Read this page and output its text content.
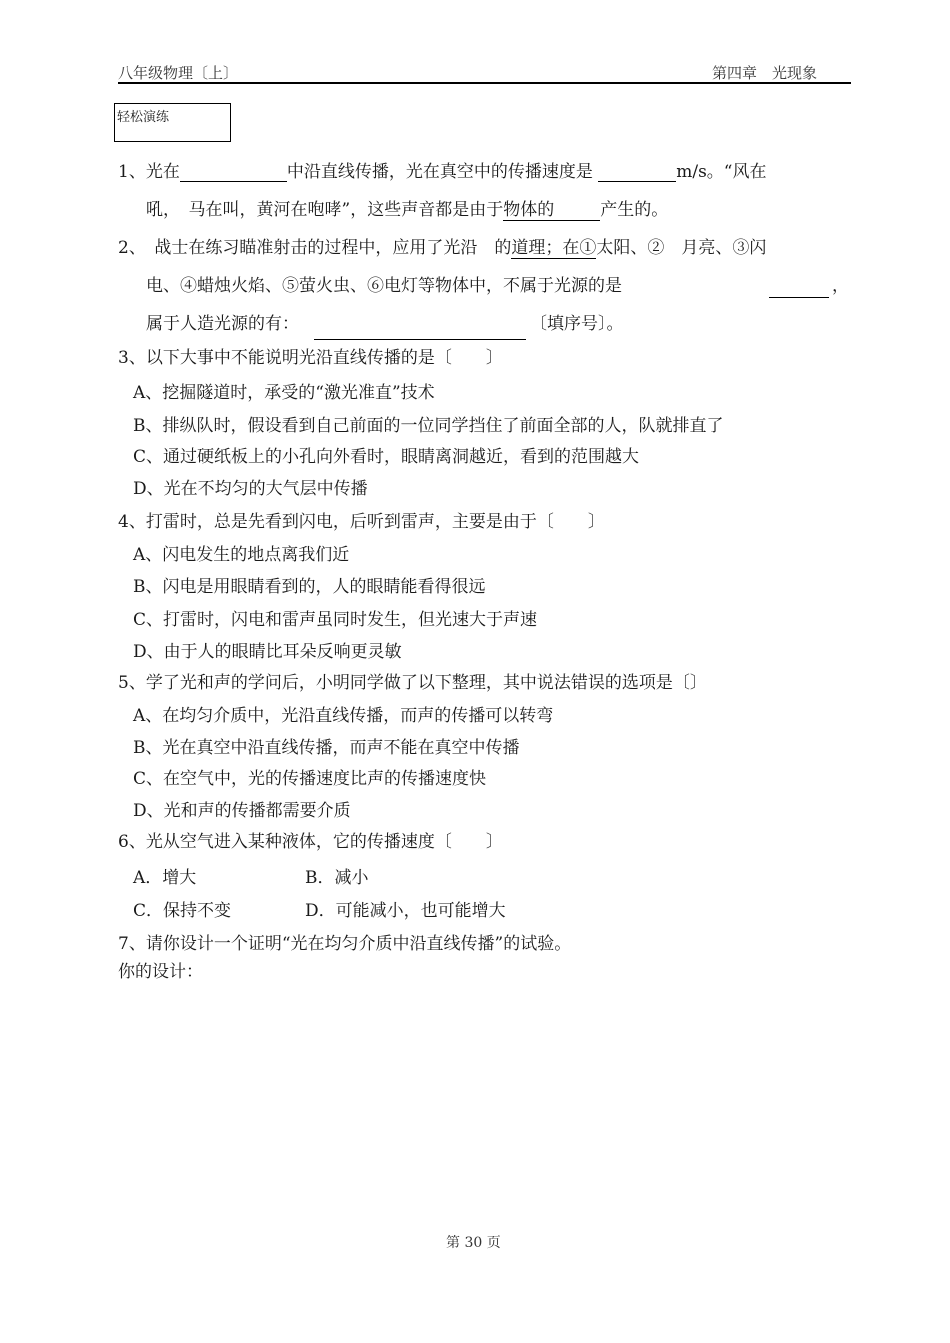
八年级物理〔上〕	第四章　光现象
轻松演练
1、光在	中沿直线传播，光在真空中的传播速度是	m/s。“风在
吼，　马在叫，黄河在咆哮”，这些声音都是由于物体的	产生的。
2、　战士在练习瞄准射击的过程中，应用了光沿　的道理；在①太阳、②　月亮、③闪
电、④蜡烛火焰、⑤萤火虫、⑥电灯等物体中，不属于光源的是	，
属于人造光源的有：	〔填序号〕。
3、以下大事中不能说明光沿直线传播的是〔　　〕
A、挖掘隧道时，承受的“激光准直”技术
B、排纵队时，假设看到自己前面的一位同学挡住了前面全部的人，队就排直了
C、通过硬纸板上的小孔向外看时，眼睛离洞越近，看到的范围越大
D、光在不均匀的大气层中传播
4、打雷时，总是先看到闪电，后听到雷声，主要是由于〔　　〕
A、闪电发生的地点离我们近
B、闪电是用眼睛看到的，人的眼睛能看得很远
C、打雷时，闪电和雷声虽同时发生，但光速大于声速
D、由于人的眼睛比耳朵反响更灵敏
5、学了光和声的学问后，小明同学做了以下整理，其中说法错误的选项是〔〕
A、在均匀介质中，光沿直线传播，而声的传播可以转弯
B、光在真空中沿直线传播，而声不能在真空中传播
C、在空气中，光的传播速度比声的传播速度快
D、光和声的传播都需要介质
6、光从空气进入某种液体，它的传播速度〔　　〕
A．增大	B．减小
C．保持不变	D．可能减小，也可能增大
7、请你设计一个证明“光在均匀介质中沿直线传播”的试验。
你的设计：
第 30 页
